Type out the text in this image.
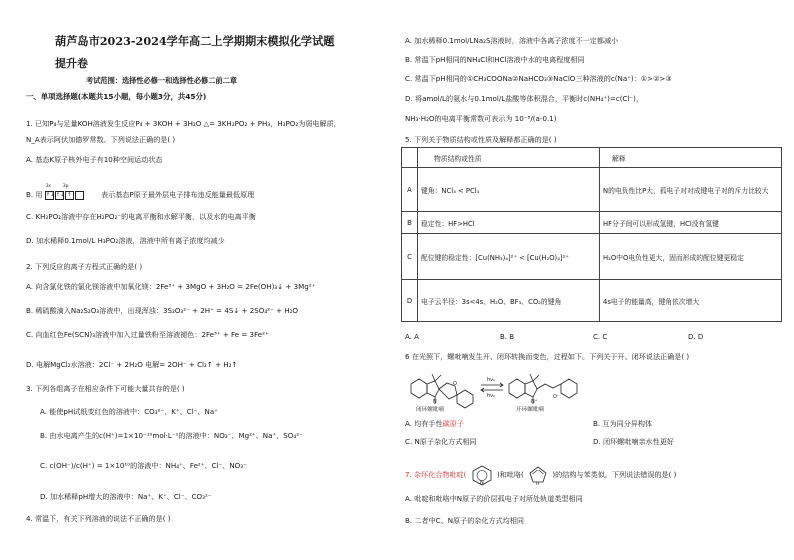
葫芦岛市2023-2024学年高二上学期期末模拟化学试题
提升卷
考试范围：选择性必修一和选择性必修二前二章
一、单项选择题(本题共15小题，每小题3分，共45分)
1. 已知P₄与足量KOH溶液发生反应P₄ + 3KOH + 3H₂O △= 3KH₂PO₂ + PH₃，H₃PO₂为弱电解质，
N_A表示阿伏加德罗常数。下列说法正确的是( )
A. 基态K原子核外电子有10种空间运动状态
B. 用
3s	3p
↑↓ ↑↓ ↑	表示基态P原子最外层电子排布违反能量最低原理
C. KH₂PO₂溶液中存在H₂PO₂⁻的电离平衡和水解平衡，以及水的电离平衡
D. 加水稀释0.1mol/L H₃PO₂溶液，溶液中所有离子浓度均减少
2. 下列反应的离子方程式正确的是( )
A. 向含氯化铁的氯化镁溶液中加氧化镁：2Fe³⁺ + 3MgO + 3H₂O = 2Fe(OH)₃↓ + 3Mg²⁺
B. 稀硫酸滴入Na₂S₂O₃溶液中，出现浑浊：3S₂O₃²⁻ + 2H⁺ = 4S↓ + 2SO₄²⁻ + H₂O
C. 向血红色Fe(SCN)₃溶液中加入过量铁粉至溶液褪色：2Fe³⁺ + Fe = 3Fe²⁺
D. 电解MgCl₂水溶液：2Cl⁻ + 2H₂O 电解= 2OH⁻ + Cl₂↑ + H₂↑
3. 下列各组离子在相应条件下可能大量共存的是( )
A. 能使pH试纸变红色的溶液中：CO₃²⁻、K⁺、Cl⁻、Na⁺
B. 由水电离产生的c(H⁺)=1×10⁻¹⁰mol·L⁻¹的溶液中：NO₃⁻、Mg²⁺、Na⁺、SO₄²⁻
C. c(OH⁻)/c(H⁺) = 1×10¹⁰的溶液中：NH₄⁺、Fe²⁺、Cl⁻、NO₃⁻
D. 加水稀释pH增大的溶液中：Na⁺、K⁺、Cl⁻、CO₃²⁻
4. 常温下，有关下列溶液的说法不正确的是( )
A. 加水稀释0.1mol/LNa₂S溶液时，溶液中各离子浓度不一定都减小
B. 常温下pH相同的NH₄Cl和HCl溶液中水的电离程度相同
C. 常温下pH相同的①CH₃COONa②NaHCO₃③NaClO三种溶液的c(Na⁺)：①>②>③
D. 将amol/L的氨水与0.1mol/L盐酸等体积混合，平衡时c(NH₄⁺)=c(Cl⁻)，
NH₃·H₂O的电离平衡常数可表示为 10⁻⁸/(a-0.1)
5. 下列关于物质结构或性质及解释都正确的是( )
	物质结构或性质	解释
A	键角：NCl₃ < PCl₃	N的电负性比P大，孤电子对对成键电子对的斥力比较大
B	稳定性：HF>HCl	HF分子间可以形成氢键，HCl没有氢键
C	配位键的稳定性：[Cu(NH₃)₄]²⁺ < [Cu(H₂O)₄]²⁺	H₂O中O电负性更大，固而形成的配位键更稳定
D	电子云半径：3s<4s、H₂O、BF₃、CO₂的键角	4s电子的能量高，键角依次增大
A. A	B. B	C. C	D. D
6 在光照下，螺吡喃发生开、闭环转换而变色，过程如下。下列关于开、闭环说法正确是( )
N
O
hν₁
hν₂
N⁺
O⁻
闭环螺吡喃	开环螺吡喃
A. 均有手性碳原子	B. 互为同分异构体
C. N原子杂化方式相同	D. 闭环螺吡喃亲水性更好
7. 杂环化合物吡啶(
N
)和吡咯(
H
)的结构与苯类似。下列说法错误的是( )
A. 吡啶和吡咯中N原子的价层孤电子对所处轨道类型相同
B. 二者中C、N原子的杂化方式均相同
